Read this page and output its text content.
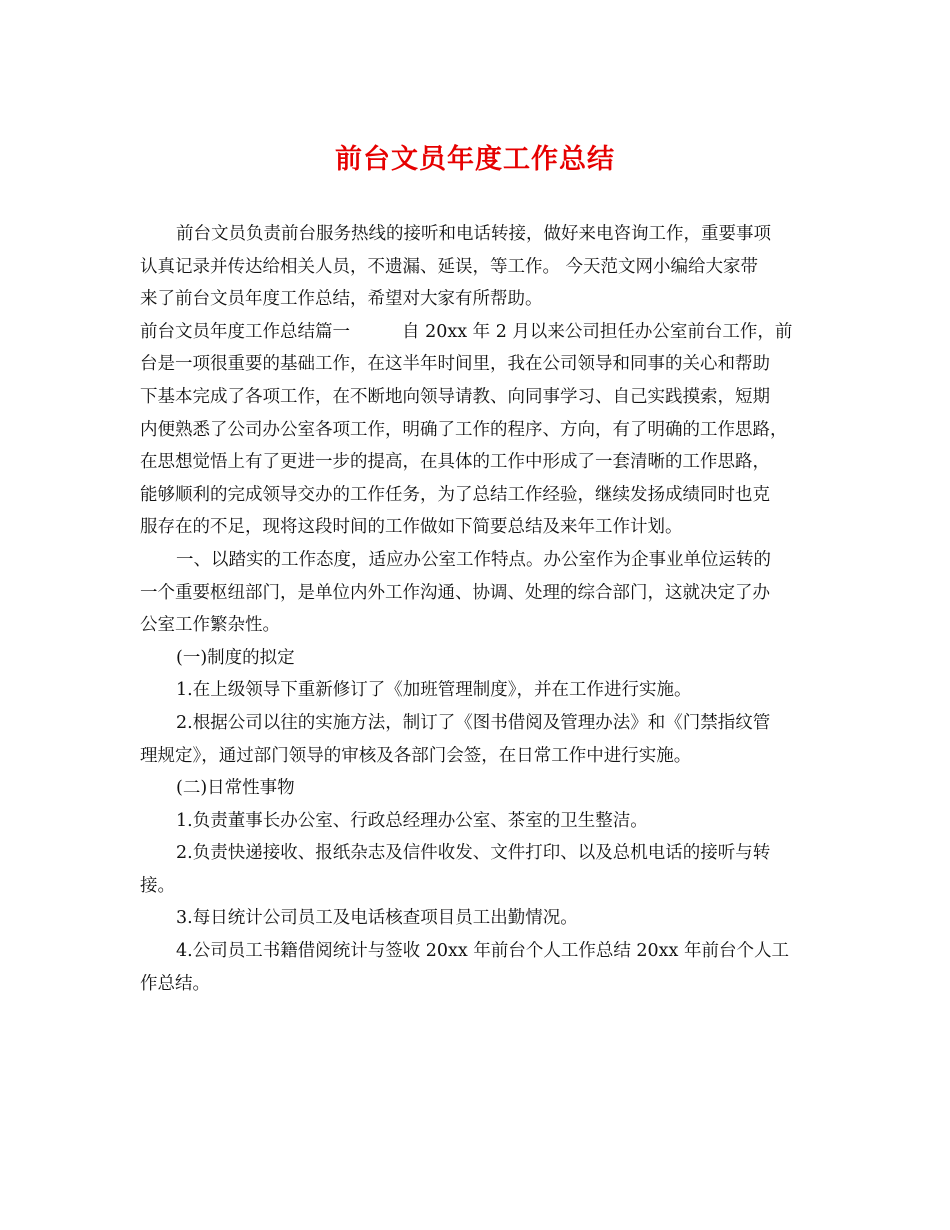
前台文员年度工作总结
前台文员负责前台服务热线的接听和电话转接，做好来电咨询工作，重要事项
认真记录并传达给相关人员，不遗漏、延误，等工作。 今天范文网小编给大家带
来了前台文员年度工作总结，希望对大家有所帮助。
前台文员年度工作总结篇一	自 20xx 年 2 月以来公司担任办公室前台工作，前
台是一项很重要的基础工作，在这半年时间里，我在公司领导和同事的关心和帮助
下基本完成了各项工作，在不断地向领导请教、向同事学习、自己实践摸索，短期
内便熟悉了公司办公室各项工作，明确了工作的程序、方向，有了明确的工作思路，
在思想觉悟上有了更进一步的提高，在具体的工作中形成了一套清晰的工作思路，
能够顺利的完成领导交办的工作任务，为了总结工作经验，继续发扬成绩同时也克
服存在的不足，现将这段时间的工作做如下简要总结及来年工作计划。
一、以踏实的工作态度，适应办公室工作特点。办公室作为企事业单位运转的
一个重要枢纽部门，是单位内外工作沟通、协调、处理的综合部门，这就决定了办
公室工作繁杂性。
(一)制度的拟定
1.在上级领导下重新修订了《加班管理制度》，并在工作进行实施。
2.根据公司以往的实施方法，制订了《图书借阅及管理办法》和《门禁指纹管
理规定》，通过部门领导的审核及各部门会签，在日常工作中进行实施。
(二)日常性事物
1.负责董事长办公室、行政总经理办公室、茶室的卫生整洁。
2.负责快递接收、报纸杂志及信件收发、文件打印、以及总机电话的接听与转
接。
3.每日统计公司员工及电话核查项目员工出勤情况。
4.公司员工书籍借阅统计与签收 20xx 年前台个人工作总结 20xx 年前台个人工
作总结。
